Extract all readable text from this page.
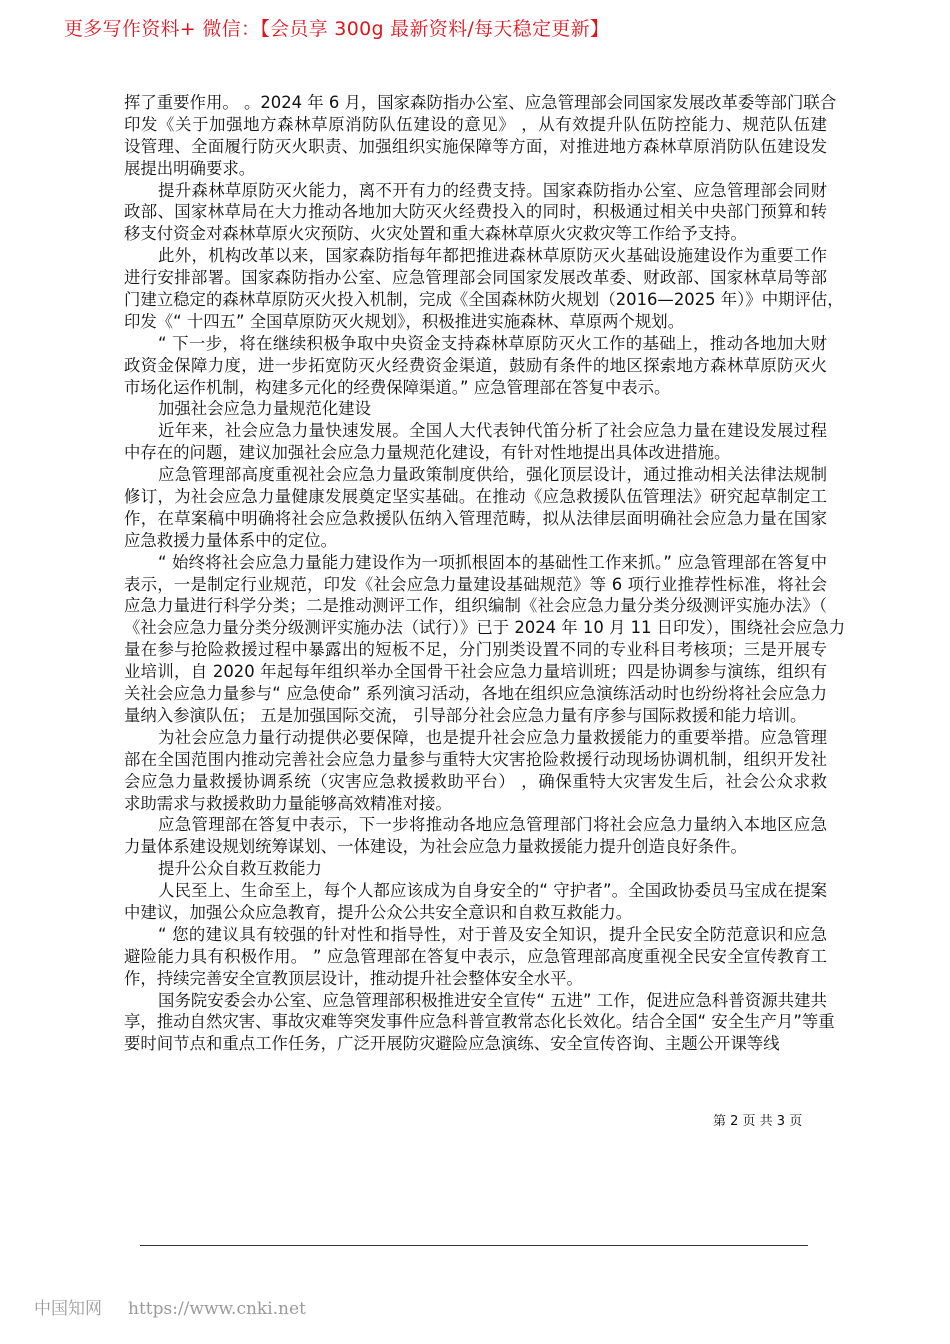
更多写作资料+ 微信：【会员享 300g 最新资料/每天稳定更新】
挥了重要作用。 。2024 年 6 月，国家森防指办公室、应急管理部会同国家发展改革委等部门联合
印发《关于加强地方森林草原消防队伍建设的意见》 ，从有效提升队伍防控能力、规范队伍建
设管理、全面履行防灭火职责、加强组织实施保障等方面，对推进地方森林草原消防队伍建设发
展提出明确要求。
提升森林草原防灭火能力，离不开有力的经费支持。国家森防指办公室、应急管理部会同财
政部、国家林草局在大力推动各地加大防灭火经费投入的同时，积极通过相关中央部门预算和转
移支付资金对森林草原火灾预防、火灾处置和重大森林草原火灾救灾等工作给予支持。
此外，机构改革以来，国家森防指每年都把推进森林草原防灭火基础设施建设作为重要工作
进行安排部署。国家森防指办公室、应急管理部会同国家发展改革委、财政部、国家林草局等部
门建立稳定的森林草原防灭火投入机制，完成《全国森林防火规划（2016—2025 年）》中期评估，
印发《“ 十四五” 全国草原防灭火规划》，积极推进实施森林、草原两个规划。
“ 下一步，将在继续积极争取中央资金支持森林草原防灭火工作的基础上，推动各地加大财
政资金保障力度，进一步拓宽防灭火经费资金渠道，鼓励有条件的地区探索地方森林草原防灭火
市场化运作机制，构建多元化的经费保障渠道。” 应急管理部在答复中表示。
加强社会应急力量规范化建设
近年来，社会应急力量快速发展。全国人大代表钟代笛分析了社会应急力量在建设发展过程
中存在的问题，建议加强社会应急力量规范化建设，有针对性地提出具体改进措施。
应急管理部高度重视社会应急力量政策制度供给，强化顶层设计，通过推动相关法律法规制
修订，为社会应急力量健康发展奠定坚实基础。在推动《应急救援队伍管理法》研究起草制定工
作，在草案稿中明确将社会应急救援队伍纳入管理范畴，拟从法律层面明确社会应急力量在国家
应急救援力量体系中的定位。
“ 始终将社会应急力量能力建设作为一项抓根固本的基础性工作来抓。” 应急管理部在答复中
表示，一是制定行业规范，印发《社会应急力量建设基础规范》等 6 项行业推荐性标准，将社会
应急力量进行科学分类；二是推动测评工作，组织编制《社会应急力量分类分级测评实施办法》（
《社会应急力量分类分级测评实施办法（试行）》已于 2024 年 10 月 11 日印发），围绕社会应急力
量在参与抢险救援过程中暴露出的短板不足，分门别类设置不同的专业科目考核项；三是开展专
业培训，自 2020 年起每年组织举办全国骨干社会应急力量培训班；四是协调参与演练，组织有
关社会应急力量参与“ 应急使命” 系列演习活动，各地在组织应急演练活动时也纷纷将社会应急力
量纳入参演队伍； 五是加强国际交流， 引导部分社会应急力量有序参与国际救援和能力培训。
为社会应急力量行动提供必要保障，也是提升社会应急力量救援能力的重要举措。应急管理
部在全国范围内推动完善社会应急力量参与重特大灾害抢险救援行动现场协调机制，组织开发社
会应急力量救援协调系统（灾害应急救援救助平台） ，确保重特大灾害发生后，社会公众求救
求助需求与救援救助力量能够高效精准对接。
应急管理部在答复中表示，下一步将推动各地应急管理部门将社会应急力量纳入本地区应急
力量体系建设规划统筹谋划、一体建设，为社会应急力量救援能力提升创造良好条件。
提升公众自救互救能力
人民至上、生命至上，每个人都应该成为自身安全的“ 守护者”。全国政协委员马宝成在提案
中建议，加强公众应急教育，提升公众公共安全意识和自救互救能力。
“ 您的建议具有较强的针对性和指导性，对于普及安全知识，提升全民安全防范意识和应急
避险能力具有积极作用。 ” 应急管理部在答复中表示，应急管理部高度重视全民安全宣传教育工
作，持续完善安全宣教顶层设计，推动提升社会整体安全水平。
国务院安委会办公室、应急管理部积极推进安全宣传“ 五进” 工作，促进应急科普资源共建共
享，推动自然灾害、事故灾难等突发事件应急科普宣教常态化长效化。结合全国“ 安全生产月”等重
要时间节点和重点工作任务，广泛开展防灾避险应急演练、安全宣传咨询、主题公开课等线
第 2 页 共 3 页
中国知网 https://www.cnki.net
